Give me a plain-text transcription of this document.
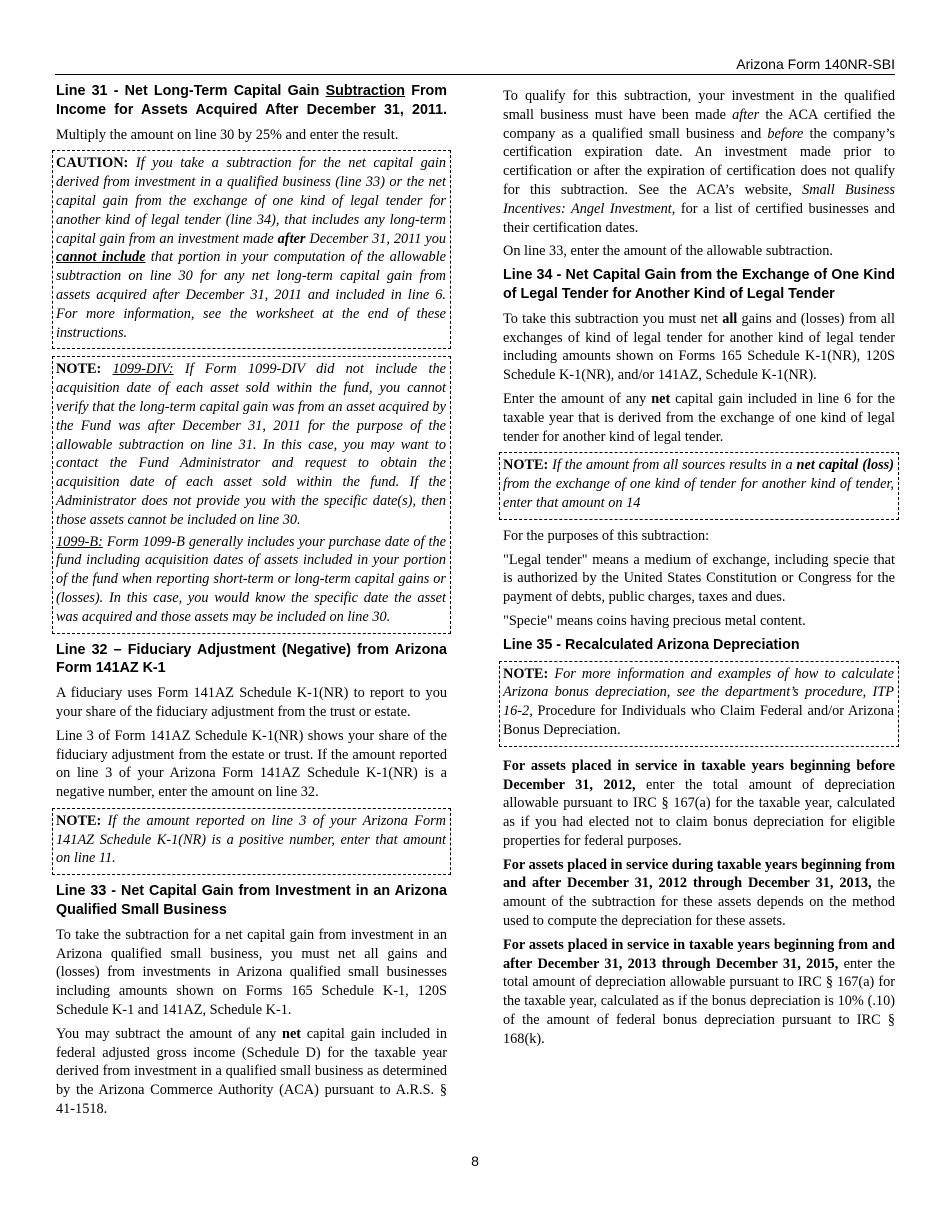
Arizona Form 140NR-SBI
Line 31 - Net Long-Term Capital Gain Subtraction From Income for Assets Acquired After December 31, 2011.

Multiply the amount on line 30 by 25% and enter the result.

CAUTION: If you take a subtraction for the net capital gain derived from investment in a qualified business (line 33) or the net capital gain from the exchange of one kind of legal tender for another kind of legal tender (line 34), that includes any long-term capital gain from an investment made after December 31, 2011 you cannot include that portion in your computation of the allowable subtraction on line 30 for any net long-term capital gain from assets acquired after December 31, 2011 and included in line 6. For more information, see the worksheet at the end of these instructions.

NOTE: 1099-DIV: If Form 1099-DIV did not include the acquisition date of each asset sold within the fund, you cannot verify that the long-term capital gain was from an asset acquired by the Fund was after December 31, 2011 for the purpose of the allowable subtraction on line 31. In this case, you may want to contact the Fund Administrator and request to obtain the acquisition date of each asset sold within the fund. If the Administrator does not provide you with the specific date(s), then those assets cannot be included on line 30.

1099-B: Form 1099-B generally includes your purchase date of the fund including acquisition dates of assets included in your portion of the fund when reporting short-term or long-term capital gains or (losses). In this case, you would know the specific date the asset was acquired and those assets may be included on line 30.

Line 32 – Fiduciary Adjustment (Negative) from Arizona Form 141AZ K-1

A fiduciary uses Form 141AZ Schedule K-1(NR) to report to you your share of the fiduciary adjustment from the trust or estate.

Line 3 of Form 141AZ Schedule K-1(NR) shows your share of the fiduciary adjustment from the estate or trust. If the amount reported on line 3 of your Arizona Form 141AZ Schedule K-1(NR) is a negative number, enter the amount on line 32.

NOTE: If the amount reported on line 3 of your Arizona Form 141AZ Schedule K-1(NR) is a positive number, enter that amount on line 11.

Line 33 - Net Capital Gain from Investment in an Arizona Qualified Small Business

To take the subtraction for a net capital gain from investment in an Arizona qualified small business, you must net all gains and (losses) from investments in Arizona qualified small businesses including amounts shown on Forms 165 Schedule K-1, 120S Schedule K-1 and 141AZ, Schedule K-1.

You may subtract the amount of any net capital gain included in federal adjusted gross income (Schedule D) for the taxable year derived from investment in a qualified small business as determined by the Arizona Commerce Authority (ACA) pursuant to A.R.S. § 41-1518.

To qualify for this subtraction, your investment in the qualified small business must have been made after the ACA certified the company as a qualified small business and before the company’s certification expiration date. An investment made prior to certification or after the expiration of certification does not qualify for this subtraction. See the ACA’s website, Small Business Incentives: Angel Investment, for a list of certified businesses and their certification dates.

On line 33, enter the amount of the allowable subtraction.

Line 34 - Net Capital Gain from the Exchange of One Kind of Legal Tender for Another Kind of Legal Tender

To take this subtraction you must net all gains and (losses) from all exchanges of kind of legal tender for another kind of legal tender including amounts shown on Forms 165 Schedule K-1(NR), 120S Schedule K-1(NR), and/or 141AZ, Schedule K-1(NR).

Enter the amount of any net capital gain included in line 6 for the taxable year that is derived from the exchange of one kind of legal tender for another kind of legal tender.

NOTE: If the amount from all sources results in a net capital (loss) from the exchange of one kind of tender for another kind of tender, enter that amount on 14

For the purposes of this subtraction:

"Legal tender" means a medium of exchange, including specie that is authorized by the United States Constitution or Congress for the payment of debts, public charges, taxes and dues.

"Specie" means coins having precious metal content.

Line 35 - Recalculated Arizona Depreciation

NOTE: For more information and examples of how to calculate Arizona bonus depreciation, see the department’s procedure, ITP 16-2, Procedure for Individuals who Claim Federal and/or Arizona Bonus Depreciation.

For assets placed in service in taxable years beginning before December 31, 2012, enter the total amount of depreciation allowable pursuant to IRC § 167(a) for the taxable year, calculated as if you had elected not to claim bonus depreciation for eligible properties for federal purposes.

For assets placed in service during taxable years beginning from and after December 31, 2012 through December 31, 2013, the amount of the subtraction for these assets depends on the method used to compute the depreciation for these assets.

For assets placed in service in taxable years beginning from and after December 31, 2013 through December 31, 2015, enter the total amount of depreciation allowable pursuant to IRC § 167(a) for the taxable year, calculated as if the bonus depreciation is 10% (.10) of the amount of federal bonus depreciation pursuant to IRC § 168(k).

8
